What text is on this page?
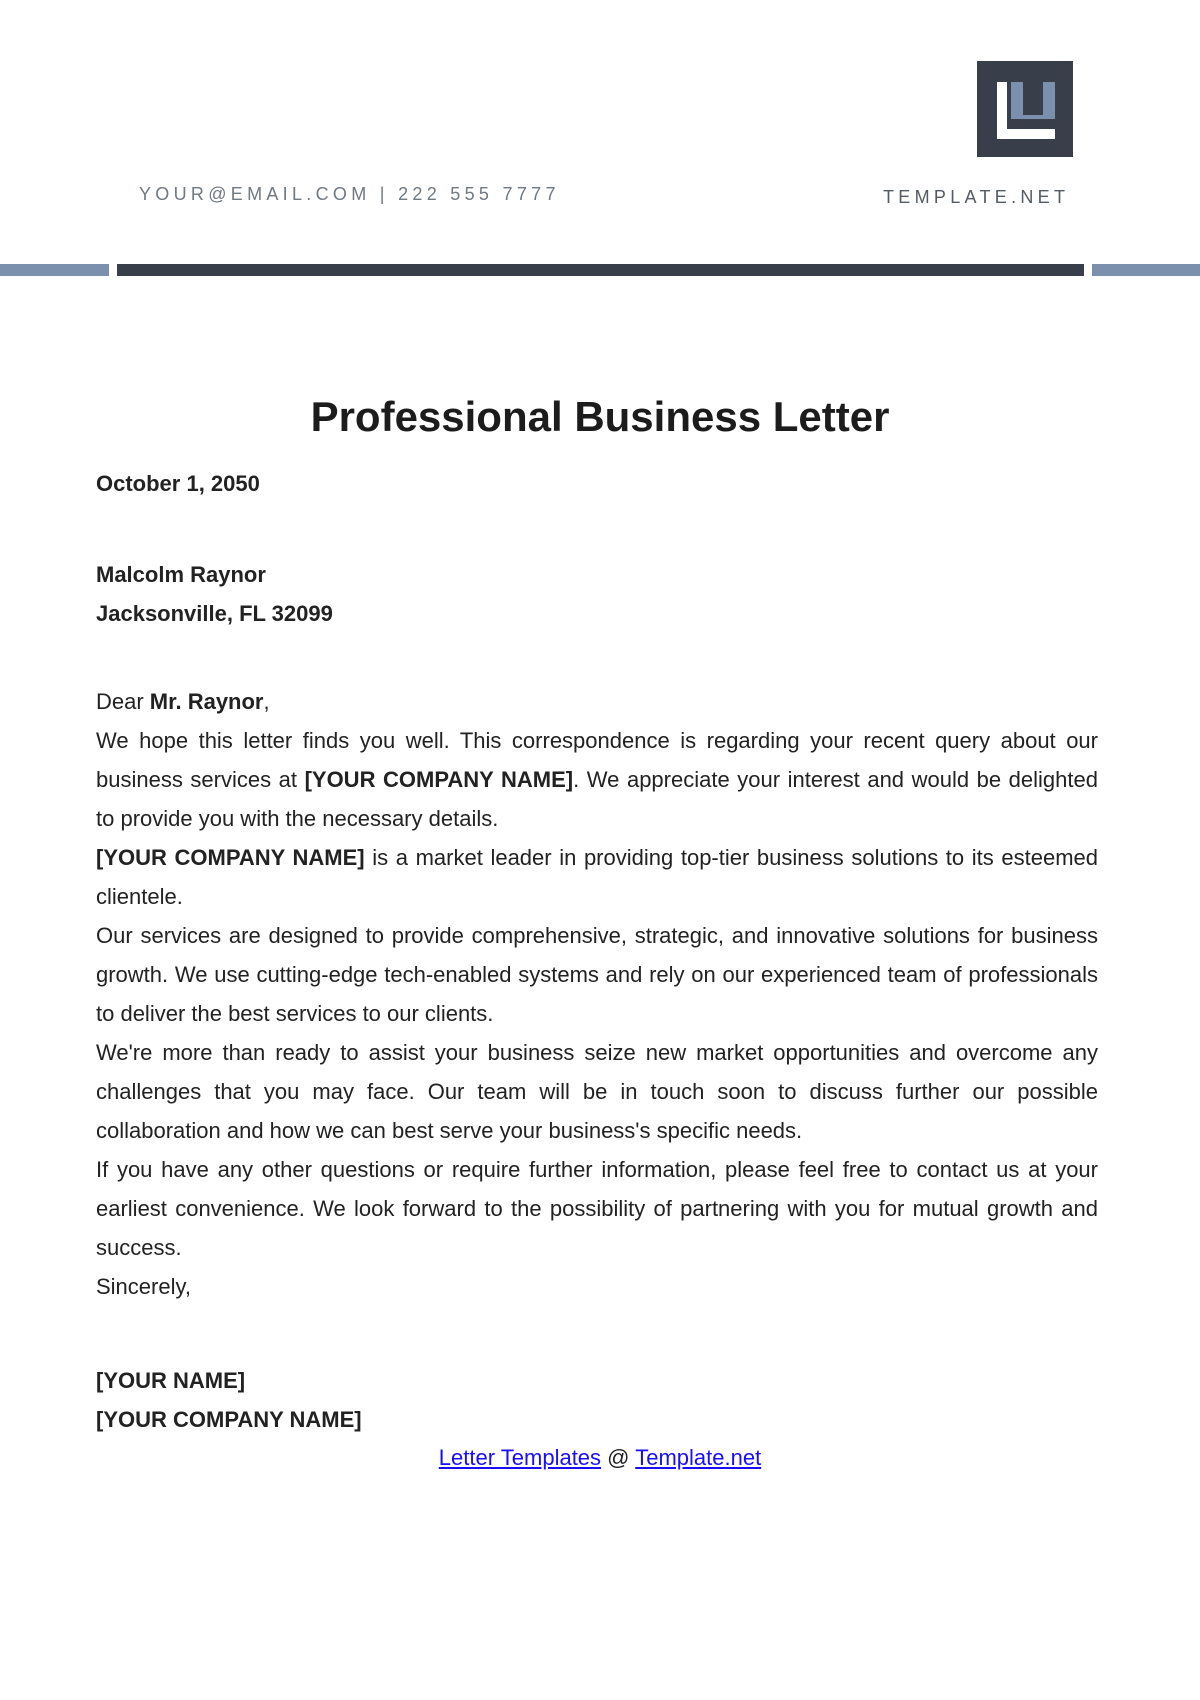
YOUR@EMAIL.COM | 222 555 7777	TEMPLATE.NET
Professional Business Letter
October 1, 2050
Malcolm Raynor
Jacksonville, FL 32099

Dear Mr. Raynor,

We hope this letter finds you well. This correspondence is regarding your recent query about our business services at [YOUR COMPANY NAME]. We appreciate your interest and would be delighted to provide you with the necessary details.

[YOUR COMPANY NAME] is a market leader in providing top-tier business solutions to its esteemed clientele.

Our services are designed to provide comprehensive, strategic, and innovative solutions for business growth. We use cutting-edge tech-enabled systems and rely on our experienced team of professionals to deliver the best services to our clients.

We're more than ready to assist your business seize new market opportunities and overcome any challenges that you may face. Our team will be in touch soon to discuss further our possible collaboration and how we can best serve your business's specific needs.

If you have any other questions or require further information, please feel free to contact us at your earliest convenience. We look forward to the possibility of partnering with you for mutual growth and success.

Sincerely,

[YOUR NAME]
[YOUR COMPANY NAME]
Letter Templates @ Template.net
